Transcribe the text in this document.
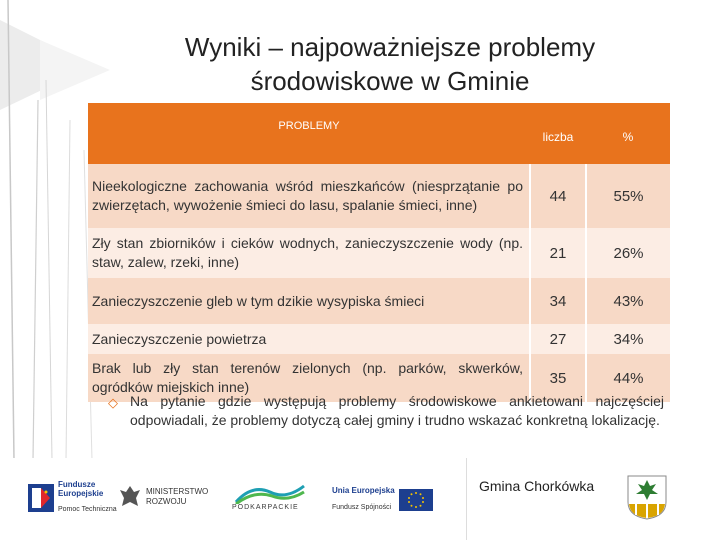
Wyniki – najpoważniejsze problemy
środowiskowe w Gminie
PROBLEMY	liczba	%
Nieekologiczne zachowania wśród mieszkańców (niesprzątanie po zwierzętach, wywożenie śmieci do lasu, spalanie śmieci, inne)	44	55%
Zły stan zbiorników i cieków wodnych, zanieczyszczenie wody (np. staw, zalew, rzeki, inne)	21	26%
Zanieczyszczenie gleb w tym dzikie wysypiska śmieci	34	43%
Zanieczyszczenie powietrza	27	34%
Brak lub zły stan terenów zielonych (np. parków, skwerków, ogródków miejskich inne)	35	44%
◇ Na pytanie gdzie występują problemy środowiskowe ankietowani najczęściej odpowiadali, że problemy dotyczą całej gminy i trudno wskazać konkretną lokalizację.
Fundusze
Europejskie
Pomoc Techniczna
MINISTERSTWO
ROZWOJU
PODKARPACKIE
Unia Europejska
Fundusz Spójności
Gmina Chorkówka
